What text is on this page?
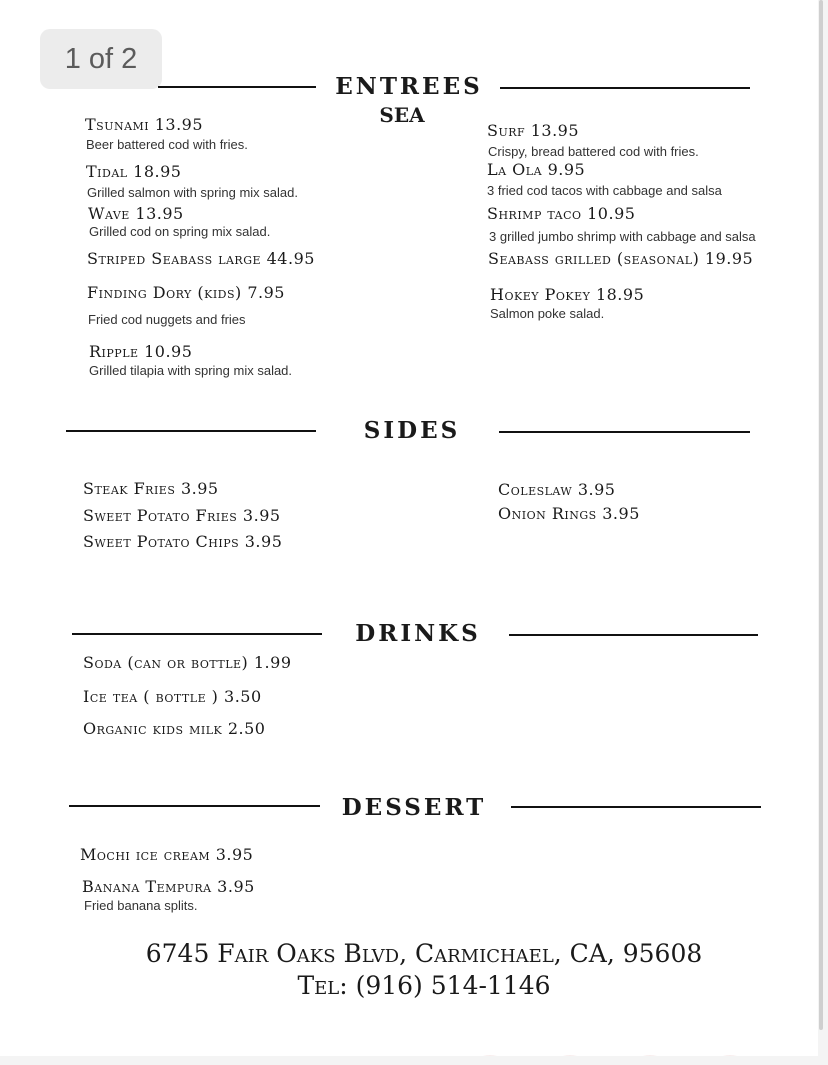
1 of 2
ENTREES
SEA
Tsunami 13.95
Beer battered cod with fries.
Tidal 18.95
Grilled salmon with spring mix salad.
Wave 13.95
Grilled cod on spring mix salad.
Striped Seabass large 44.95
Finding Dory (kids) 7.95
Fried cod nuggets and fries
Ripple 10.95
Grilled tilapia with spring mix salad.
Surf 13.95
Crispy, bread battered cod with fries.
La Ola 9.95
3 fried cod tacos with cabbage and salsa
Shrimp taco 10.95
3 grilled jumbo shrimp with cabbage and salsa
Seabass grilled (seasonal) 19.95
Hokey Pokey 18.95
Salmon poke salad.
SIDES
Steak Fries 3.95
Sweet Potato Fries 3.95
Sweet Potato Chips 3.95
Coleslaw 3.95
Onion Rings 3.95
DRINKS
Soda (can or bottle) 1.99
Ice tea ( bottle ) 3.50
Organic kids milk 2.50
DESSERT
Mochi ice cream 3.95
Banana Tempura 3.95
Fried banana splits.
6745 Fair Oaks Blvd, Carmichael, CA, 95608
Tel: (916) 514-1146
